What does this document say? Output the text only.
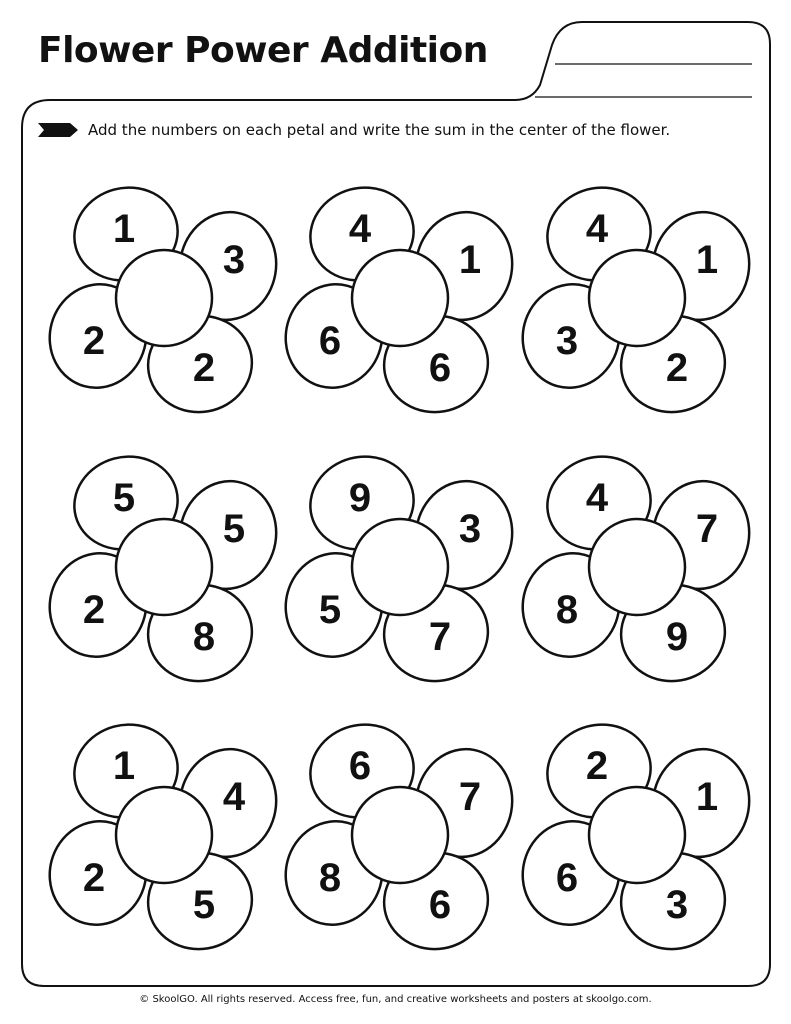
Flower Power Addition
Add the numbers on each petal and write the sum in the center of the flower.
1
3
2
2
4
1
6
6
4
1
3
2
5
5
2
8
9
3
5
7
4
7
8
9
1
4
2
5
6
7
8
6
2
1
6
3
© SkoolGO. All rights reserved. Access free, fun, and creative worksheets and posters at skoolgo.com.
